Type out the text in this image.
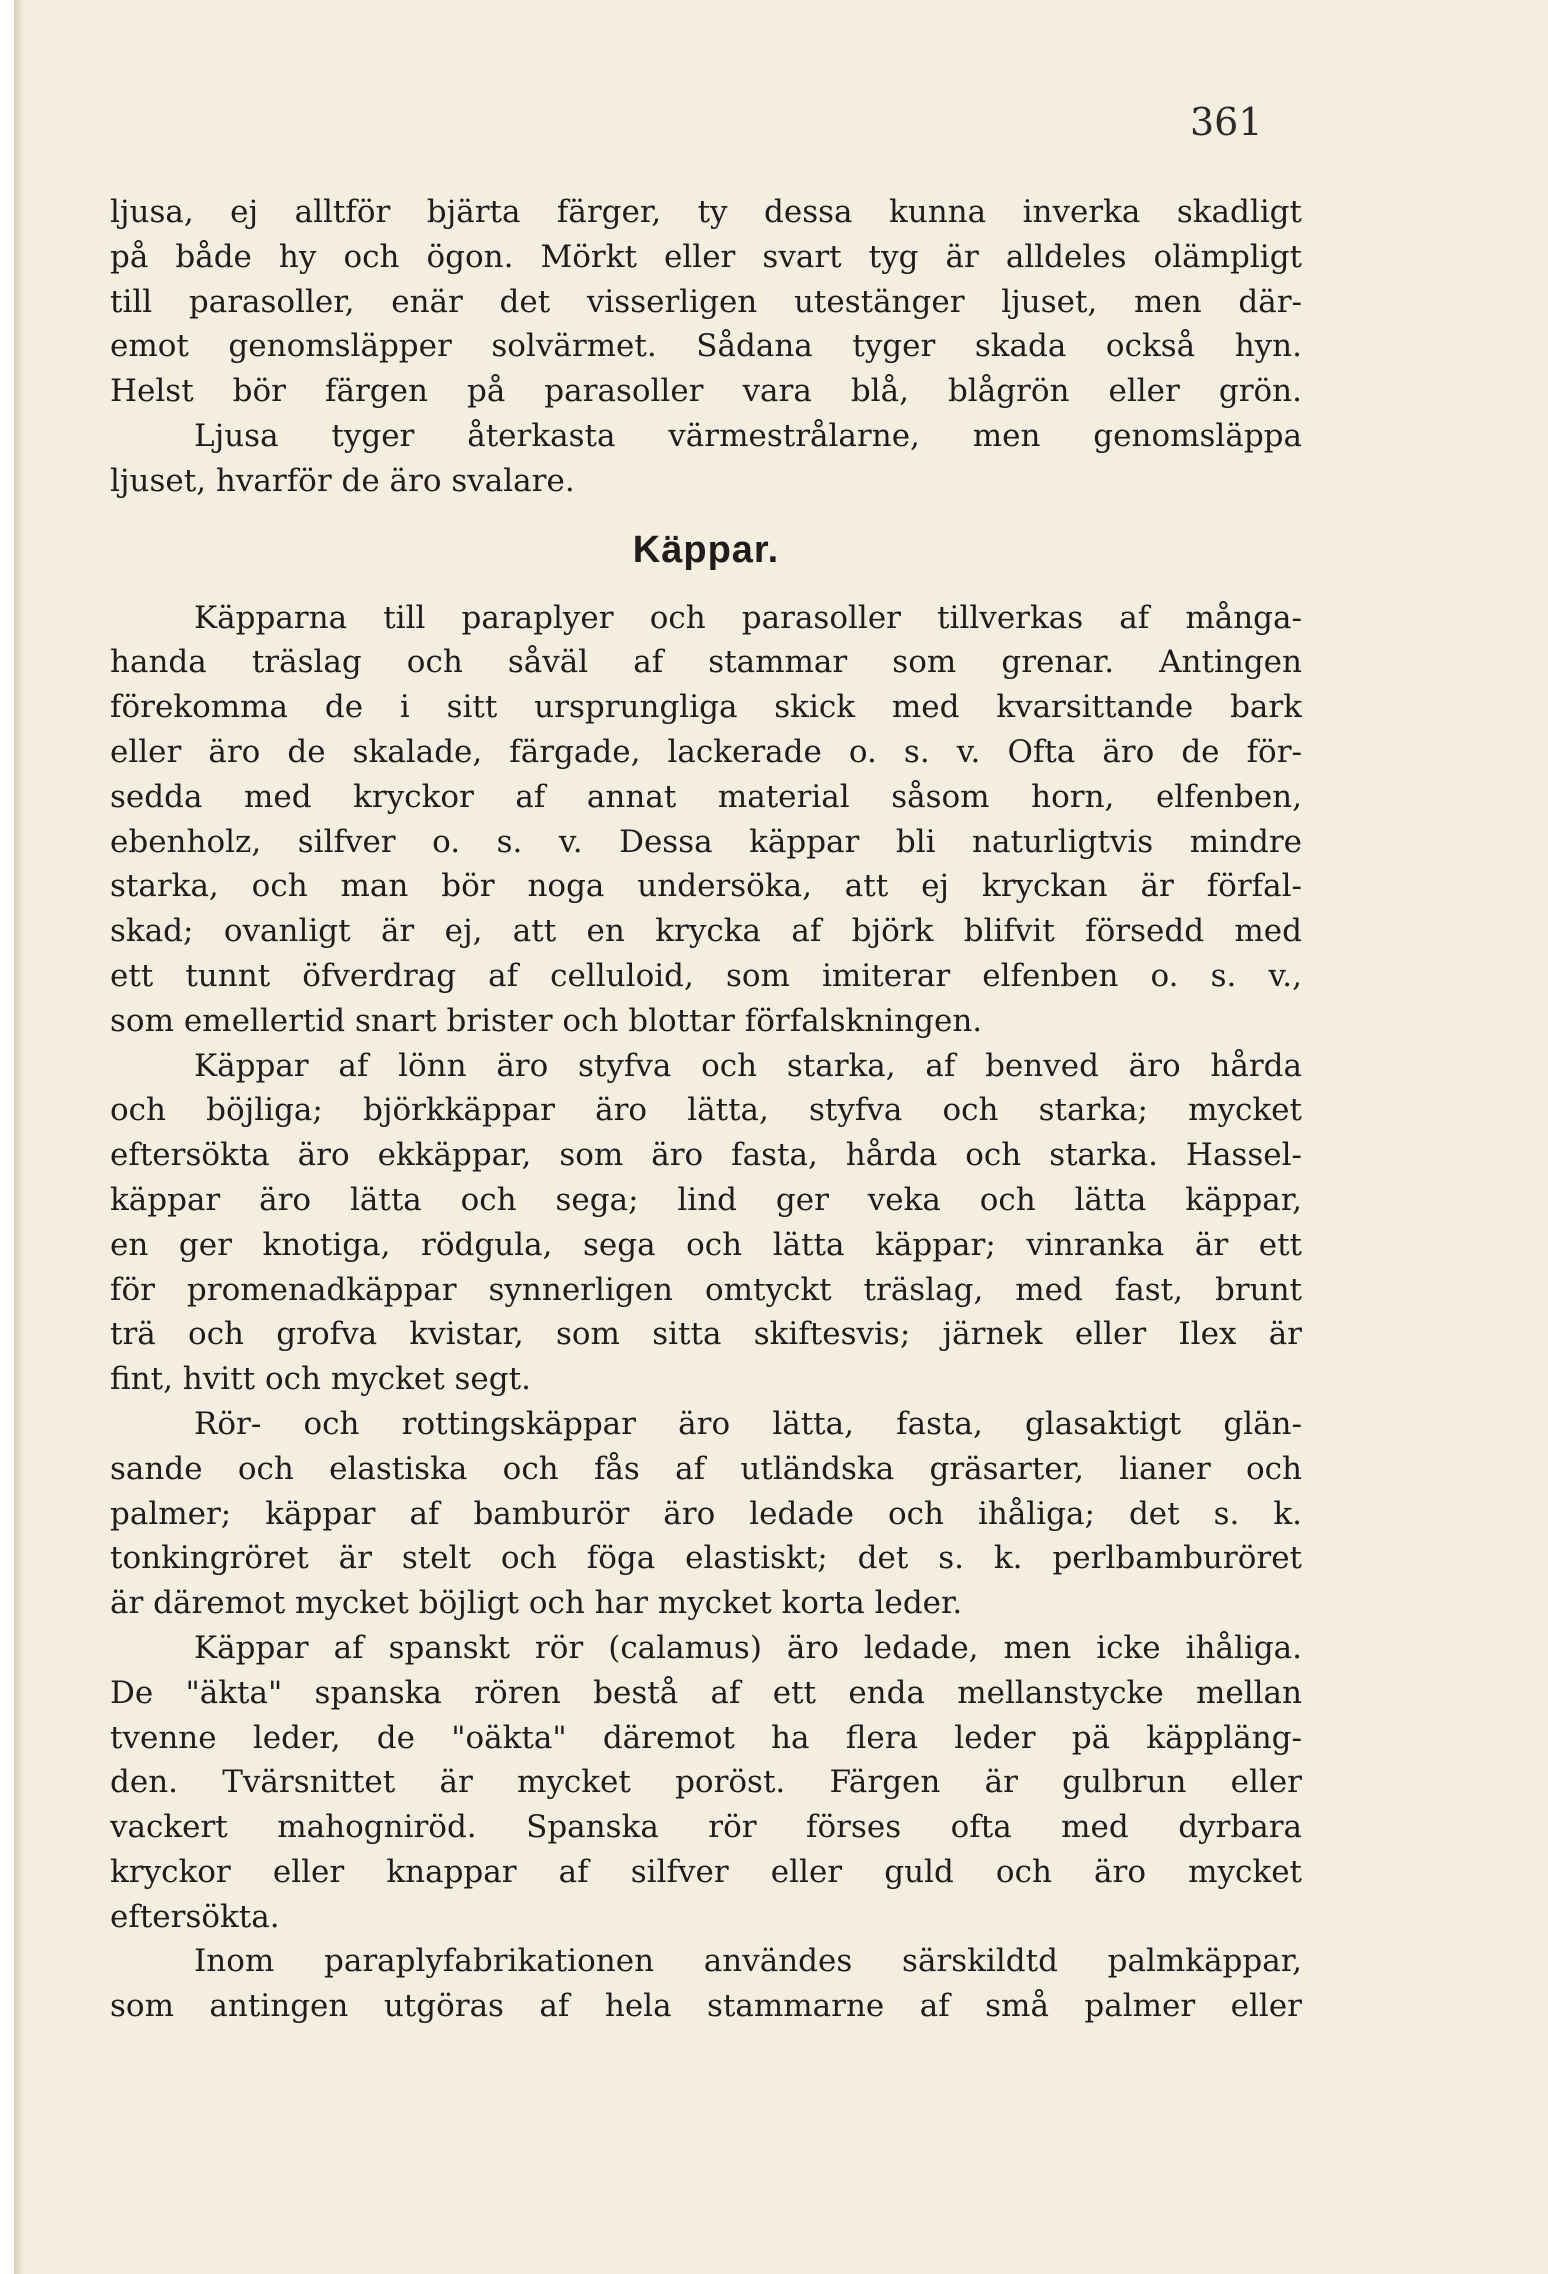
361
ljusa, ej alltför bjärta färger, ty dessa kunna inverka skadligt
på både hy och ögon. Mörkt eller svart tyg är alldeles olämpligt
till parasoller, enär det visserligen utestänger ljuset, men där-
emot genomsläpper solvärmet. Sådana tyger skada också hyn.
Helst bör färgen på parasoller vara blå, blågrön eller grön.
Ljusa tyger återkasta värmestrålarne, men genomsläppa
ljuset, hvarför de äro svalare.
Käppar.
Käpparna till paraplyer och parasoller tillverkas af många-
handa träslag och såväl af stammar som grenar. Antingen
förekomma de i sitt ursprungliga skick med kvarsittande bark
eller äro de skalade, färgade, lackerade o. s. v. Ofta äro de för-
sedda med kryckor af annat material såsom horn, elfenben,
ebenholz, silfver o. s. v. Dessa käppar bli naturligtvis mindre
starka, och man bör noga undersöka, att ej kryckan är förfal-
skad; ovanligt är ej, att en krycka af björk blifvit försedd med
ett tunnt öfverdrag af celluloid, som imiterar elfenben o. s. v.,
som emellertid snart brister och blottar förfalskningen.
Käppar af lönn äro styfva och starka, af benved äro hårda
och böjliga; björkkäppar äro lätta, styfva och starka; mycket
eftersökta äro ekkäppar, som äro fasta, hårda och starka. Hassel-
käppar äro lätta och sega; lind ger veka och lätta käppar,
en ger knotiga, rödgula, sega och lätta käppar; vinranka är ett
för promenadkäppar synnerligen omtyckt träslag, med fast, brunt
trä och grofva kvistar, som sitta skiftesvis; järnek eller Ilex är
fint, hvitt och mycket segt.
Rör- och rottingskäppar äro lätta, fasta, glasaktigt glän-
sande och elastiska och fås af utländska gräsarter, lianer och
palmer; käppar af bamburör äro ledade och ihåliga; det s. k.
tonkingröret är stelt och föga elastiskt; det s. k. perlbamburöret
är däremot mycket böjligt och har mycket korta leder.
Käppar af spanskt rör (calamus) äro ledade, men icke ihåliga.
De "äkta" spanska rören bestå af ett enda mellanstycke mellan
tvenne leder, de "oäkta" däremot ha flera leder pä käppläng-
den. Tvärsnittet är mycket poröst. Färgen är gulbrun eller
vackert mahogniröd. Spanska rör förses ofta med dyrbara
kryckor eller knappar af silfver eller guld och äro mycket
eftersökta.
Inom paraplyfabrikationen användes särskildtd palmkäppar,
som antingen utgöras af hela stammarne af små palmer eller
